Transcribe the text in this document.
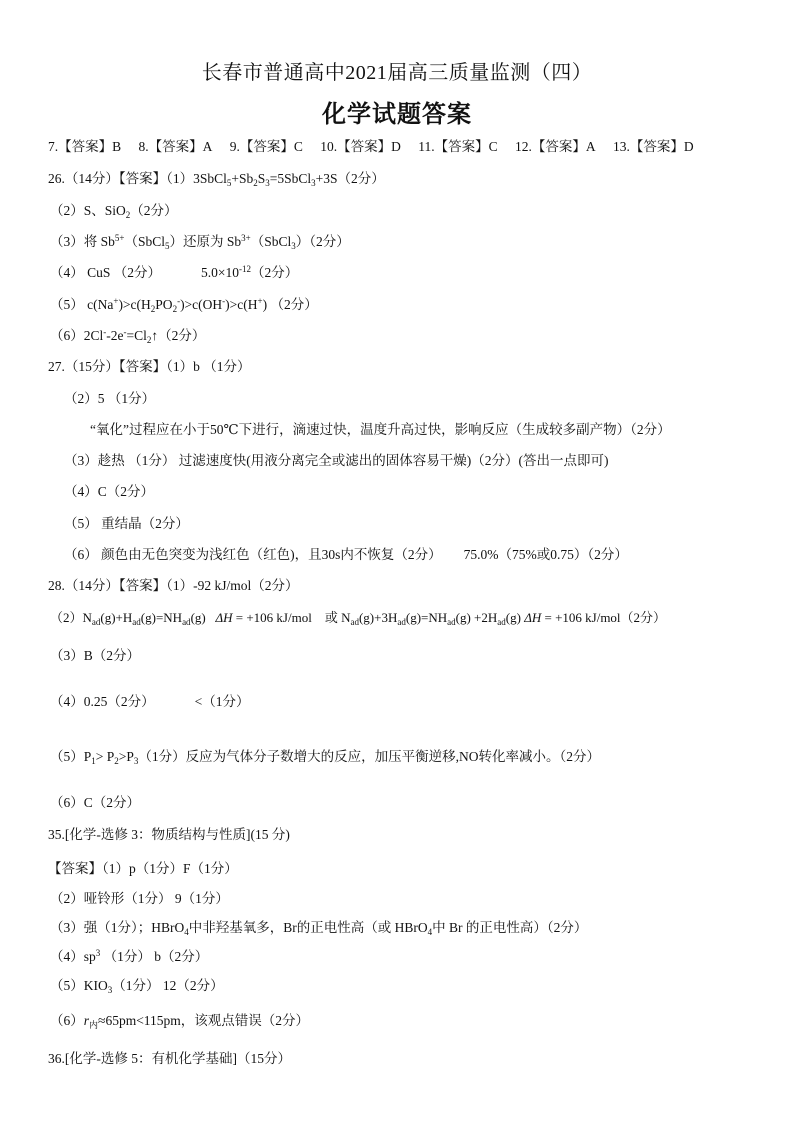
长春市普通高中2021届高三质量监测（四）
化学试题答案
7.【答案】B 8.【答案】A 9.【答案】C 10.【答案】D 11.【答案】C 12.【答案】A 13.【答案】D
26.（14分）【答案】$(1)3SbCl_5+Sb_2S_3=5SbCl_3+3S(2$分）
（2）S、SiO$_2$（2分）
（3）将 $Sb^{5+}(SbCl_5)$还原为 $Sb^{3+}(SbCl_3)(2$分）
（4） CuS （2分）	$5.0\times 10^{-12}(2$分）
（5） $c(Na^+)>c(H_2PO_2^-)>c(OH^-)>c(H^+)$ （2分）
$(6)2Cl^--2e^-=Cl_2↑(2$分）
27.（15分）【答案】（1）b （1分）
（2）5 （1分）
“氧化”过程应在小于50℃下进行，滴速过快，温度升高过快，影响反应（生成较多副产物）（2分）
（3）趁热 （1分） 过滤速度快(用液分离完全或滤出的固体容易干燥)（2分）(答出一点即可)
（4）C（2分）
（5） 重结晶（2分）
（6） 颜色由无色突变为浅红色（红色)，且30s内不恢复（2分） 75.0%（75%或0.75）（2分）
28.（14分）【答案】（1）-92 kJ/mol（2分）
$(2)N_{ad}(g)+H_{ad}(g)=NH_{ad}(g) \Delta H = +106$ kJ/mol 或 $N_{ad}(g)+3H_{ad}(g)=NH_{ad}(g) +2H_{ad}(g) \Delta H = +106$ kJ/mol（2分）
（3）B（2分）
（4）0.25（2分）	<（1分）
$(5)P_1> P_2>P_3(1$分）反应为气体分子数增大的反应，加压平衡逆移,NO转化率减小。（2分）
（6）C（2分）
35.[化学-选修 3：物质结构与性质](15 分)
【答案】（1）p（1分）F（1分）
（2）哑铃形（1分） 9（1分）
（3）强（1分）；HBrO$_4$中非羟基氧多，Br的正电性高（或 HBrO$_4$中 Br 的正电性高）（2分）
$(4)sp^3$ （1分） b（2分）
$(5)KIO_3(1$分） 12（2分）
$(6)r_内\approx 65pm<115pm$，该观点错误（2分）
36.[化学-选修 5：有机化学基础]（15分）
